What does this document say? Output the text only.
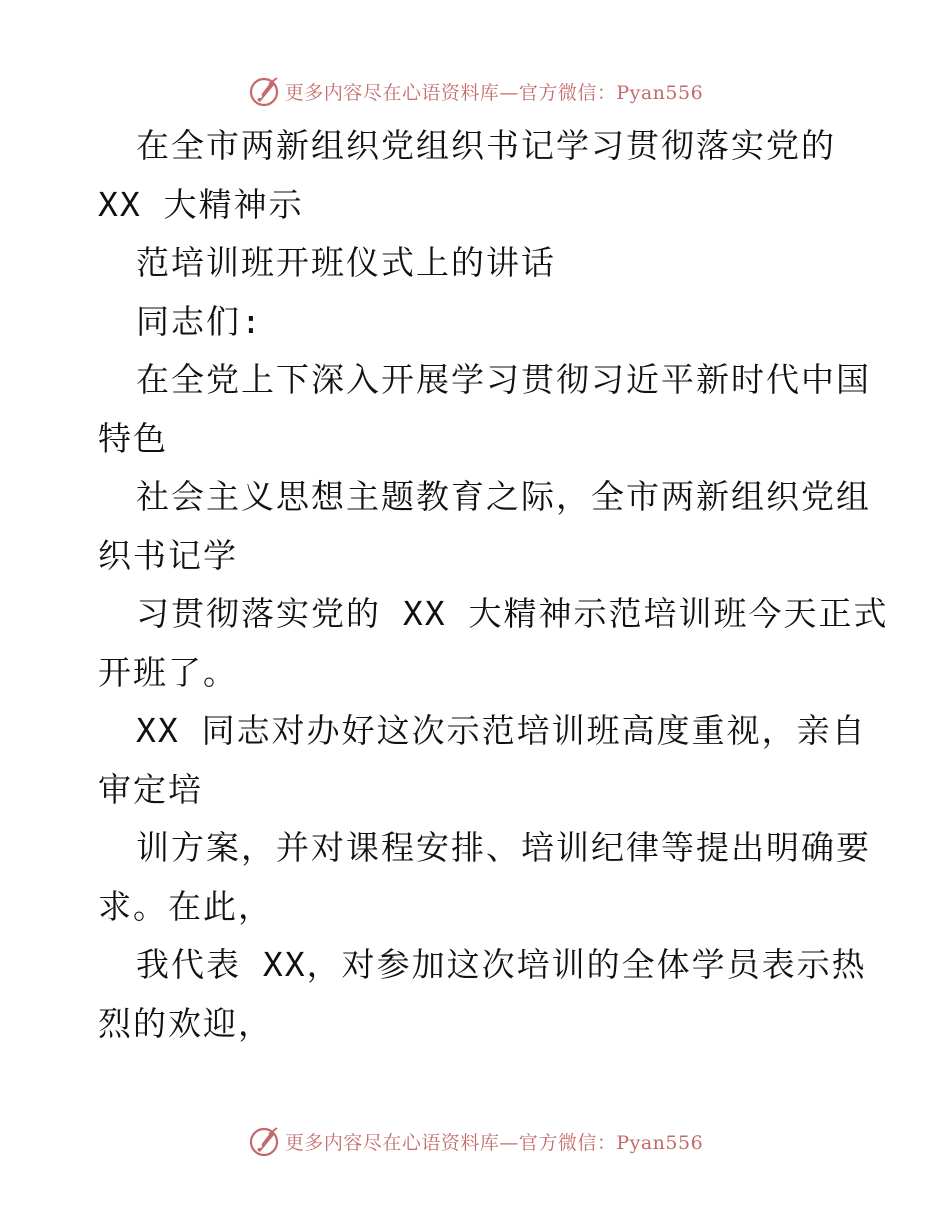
更多内容尽在心语资料库—官方微信：Pyan556
在全市两新组织党组织书记学习贯彻落实党的
XX 大精神示
范培训班开班仪式上的讲话
同志们:
在全党上下深入开展学习贯彻习近平新时代中国
特色
社会主义思想主题教育之际，全市两新组织党组
织书记学
习贯彻落实党的 XX 大精神示范培训班今天正式
开班了。
XX 同志对办好这次示范培训班高度重视，亲自
审定培
训方案，并对课程安排、培训纪律等提出明确要
求。在此，
我代表 XX，对参加这次培训的全体学员表示热
烈的欢迎，
更多内容尽在心语资料库—官方微信：Pyan556
